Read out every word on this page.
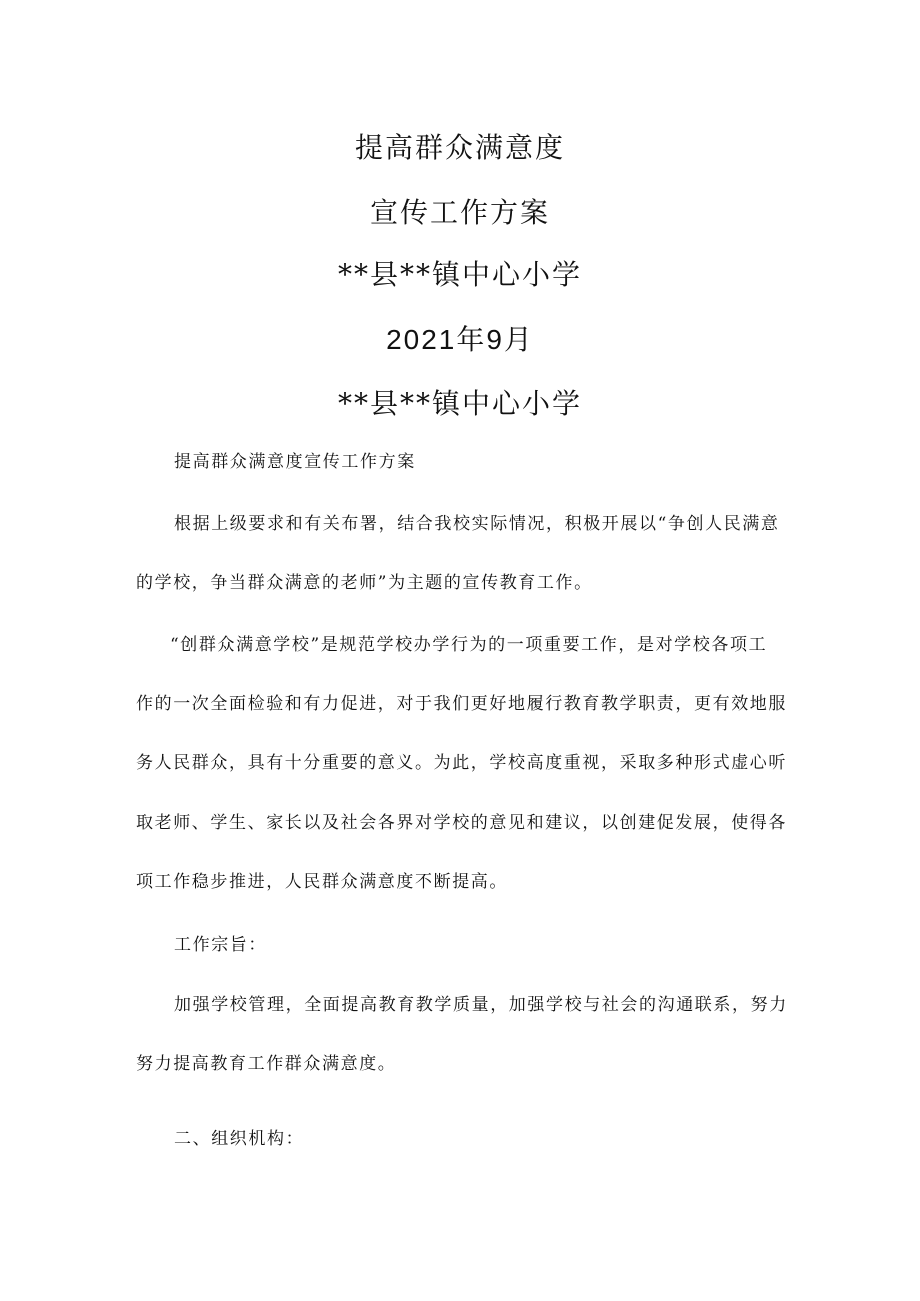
提高群众满意度
宣传工作方案
**县**镇中心小学
2021年9月
**县**镇中心小学

提高群众满意度宣传工作方案

根据上级要求和有关布署，结合我校实际情况，积极开展以“争创人民满意

的学校，争当群众满意的老师”为主题的宣传教育工作。

“创群众满意学校”是规范学校办学行为的一项重要工作，是对学校各项工

作的一次全面检验和有力促进，对于我们更好地履行教育教学职责，更有效地服

务人民群众，具有十分重要的意义。为此，学校高度重视，采取多种形式虚心听

取老师、学生、家长以及社会各界对学校的意见和建议，以创建促发展，使得各

项工作稳步推进，人民群众满意度不断提高。

工作宗旨：

加强学校管理，全面提高教育教学质量，加强学校与社会的沟通联系，努力

努力提高教育工作群众满意度。

二、组织机构：
